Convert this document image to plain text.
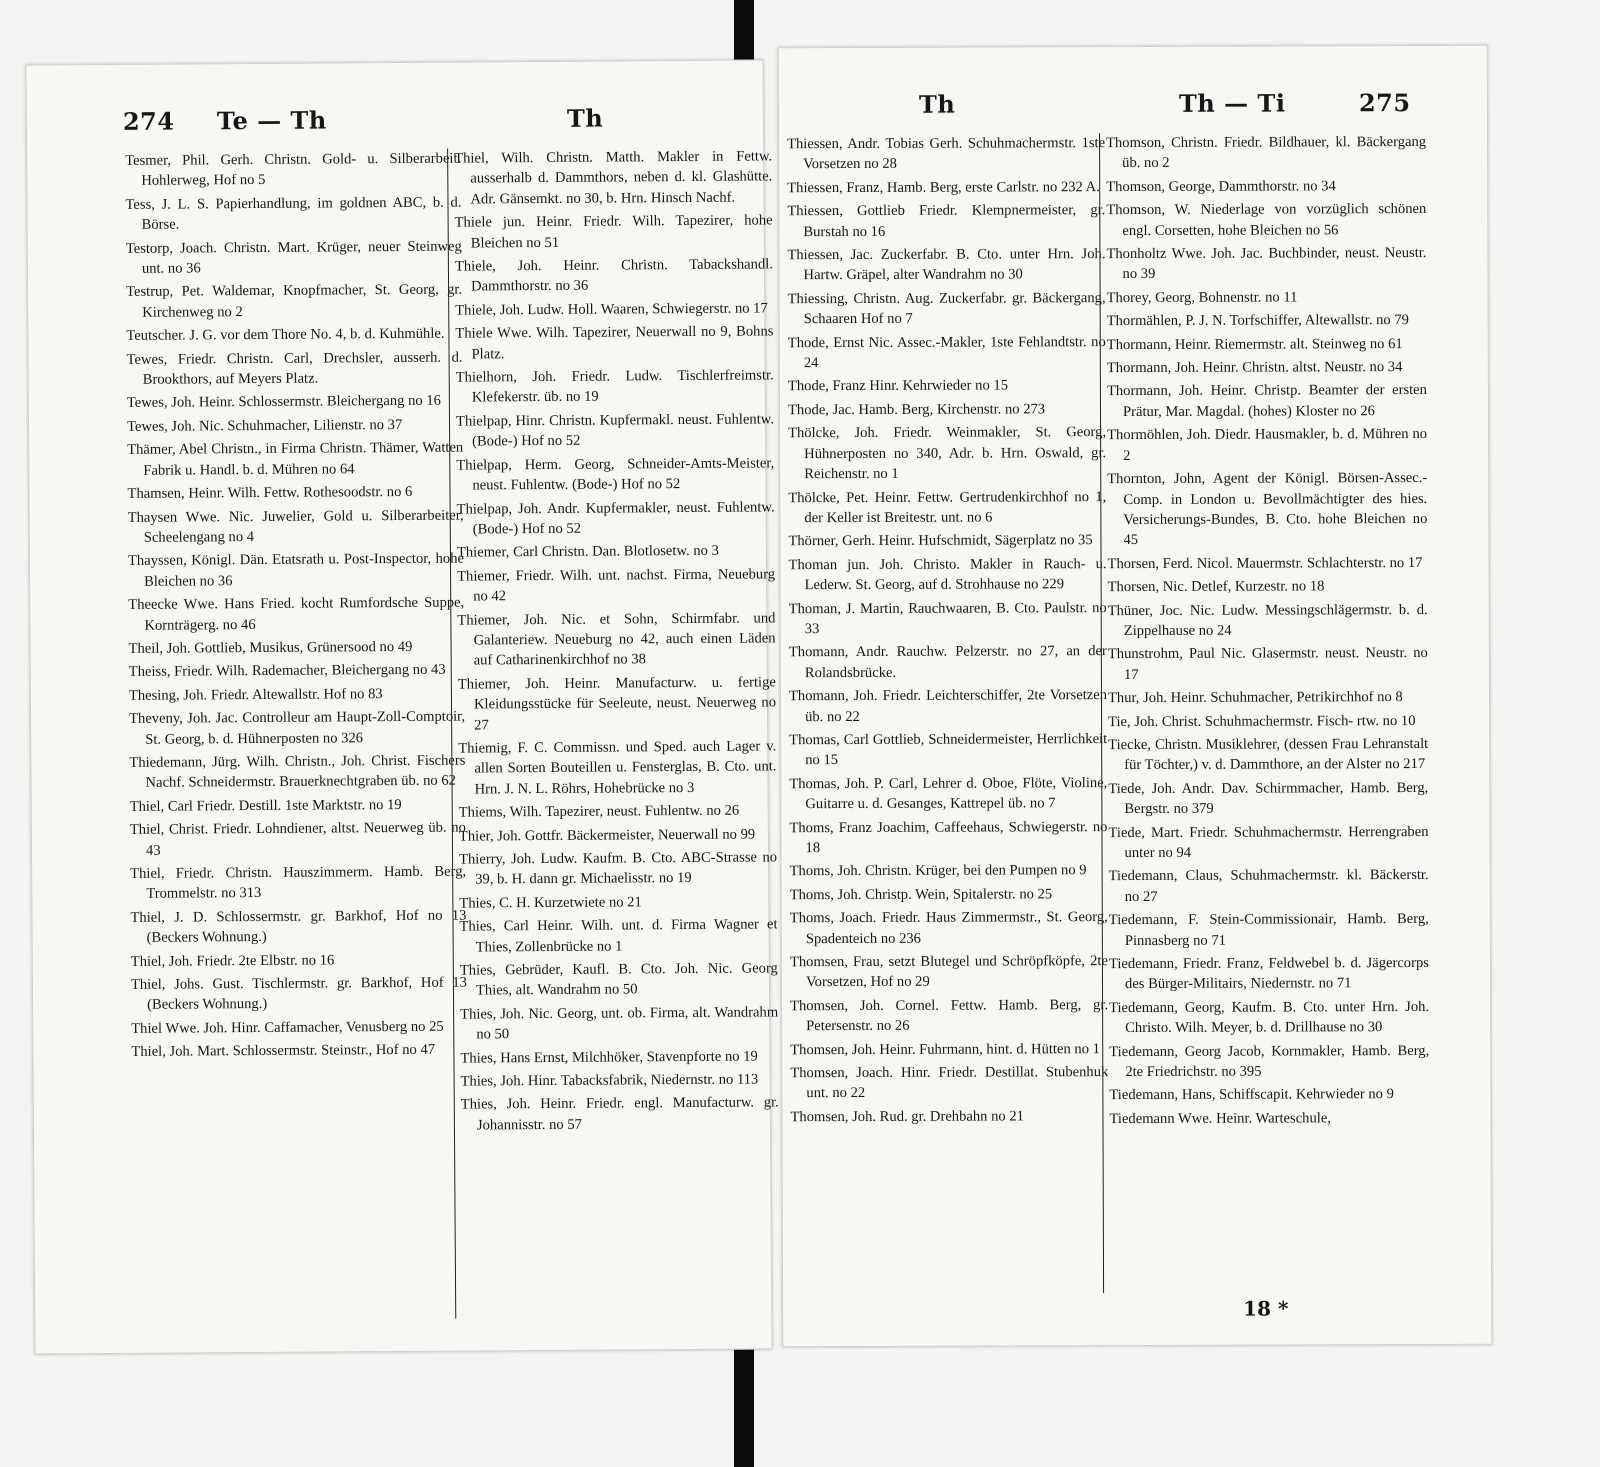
274 Te — Th	Th
Tesmer, Phil. Gerh. Christn. Gold- u. Silberarbeit. Hohlerweg, Hof no 5
Tess, J. L. S. Papierhandlung, im goldnen ABC, b. d. Börse.
Testorp, Joach. Christn. Mart. Krüger, neuer Steinweg unt. no 36
Testrup, Pet. Waldemar, Knopfmacher, St. Georg, gr. Kirchenweg no 2
Teutscher. J. G. vor dem Thore No. 4, b. d. Kuhmühle.
Tewes, Friedr. Christn. Carl, Drechsler, ausserh. d. Brookthors, auf Meyers Platz.
Tewes, Joh. Heinr. Schlossermstr. Bleichergang no 16
Tewes, Joh. Nic. Schuhmacher, Lilienstr. no 37
Thämer, Abel Christn., in Firma Christn. Thämer, Watten Fabrik u. Handl. b. d. Mühren no 64
Thamsen, Heinr. Wilh. Fettw. Rothesoodstr. no 6
Thaysen Wwe. Nic. Juwelier, Gold u. Silberarbeiter, Scheelengang no 4
Thayssen, Königl. Dän. Etatsrath u. Post-Inspector, hohe Bleichen no 36
Theecke Wwe. Hans Fried. kocht Rumfordsche Suppe, Kornträgerg. no 46
Theil, Joh. Gottlieb, Musikus, Grünersood no 49
Theiss, Friedr. Wilh. Rademacher, Bleichergang no 43
Thesing, Joh. Friedr. Altewallstr. Hof no 83
Theveny, Joh. Jac. Controlleur am Haupt-Zoll-Comptoir, St. Georg, b. d. Hühnerposten no 326
Thiedemann, Jürg. Wilh. Christn., Joh. Christ. Fischers Nachf. Schneidermstr. Brauerknechtgraben üb. no 62
Thiel, Carl Friedr. Destill. 1ste Marktstr. no 19
Thiel, Christ. Friedr. Lohndiener, altst. Neuerweg üb. no 43
Thiel, Friedr. Christn. Hauszimmerm. Hamb. Berg, Trommelstr. no 313
Thiel, J. D. Schlossermstr. gr. Barkhof, Hof no 13 (Beckers Wohnung.)
Thiel, Joh. Friedr. 2te Elbstr. no 16
Thiel, Johs. Gust. Tischlermstr. gr. Barkhof, Hof 13 (Beckers Wohnung.)
Thiel Wwe. Joh. Hinr. Caffamacher, Venusberg no 25
Thiel, Joh. Mart. Schlossermstr. Steinstr., Hof no 47
Thiel, Wilh. Christn. Matth. Makler in Fettw. ausserhalb d. Dammthors, neben d. kl. Glashütte. Adr. Gänsemkt. no 30, b. Hrn. Hinsch Nachf.
Thiele jun. Heinr. Friedr. Wilh. Tapezirer, hohe Bleichen no 51
Thiele, Joh. Heinr. Christn. Tabackshandl. Dammthorstr. no 36
Thiele, Joh. Ludw. Holl. Waaren, Schwiegerstr. no 17
Thiele Wwe. Wilh. Tapezirer, Neuerwall no 9, Bohns Platz.
Thielhorn, Joh. Friedr. Ludw. Tischlerfreimstr. Klefekerstr. üb. no 19
Thielpap, Hinr. Christn. Kupfermakl. neust. Fuhlentw. (Bode-) Hof no 52
Thielpap, Herm. Georg, Schneider-Amts-Meister, neust. Fuhlentw. (Bode-) Hof no 52
Thielpap, Joh. Andr. Kupfermakler, neust. Fuhlentw. (Bode-) Hof no 52
Thiemer, Carl Christn. Dan. Blotlosetw. no 3
Thiemer, Friedr. Wilh. unt. nachst. Firma, Neueburg no 42
Thiemer, Joh. Nic. et Sohn, Schirmfabr. und Galanteriew. Neueburg no 42, auch einen Läden auf Catharinenkirchhof no 38
Thiemer, Joh. Heinr. Manufacturw. u. fertige Kleidungsstücke für Seeleute, neust. Neuerweg no 27
Thiemig, F. C. Commissn. und Sped. auch Lager v. allen Sorten Bouteillen u. Fensterglas, B. Cto. unt. Hrn. J. N. L. Röhrs, Hohebrücke no 3
Thiems, Wilh. Tapezirer, neust. Fuhlentw. no 26
Thier, Joh. Gottfr. Bäckermeister, Neuerwall no 99
Thierry, Joh. Ludw. Kaufm. B. Cto. ABC-Strasse no 39, b. H. dann gr. Michaelisstr. no 19
Thies, C. H. Kurzetwiete no 21
Thies, Carl Heinr. Wilh. unt. d. Firma Wagner et Thies, Zollenbrücke no 1
Thies, Gebrüder, Kaufl. B. Cto. Joh. Nic. Georg Thies, alt. Wandrahm no 50
Thies, Joh. Nic. Georg, unt. ob. Firma, alt. Wandrahm no 50
Thies, Hans Ernst, Milchhöker, Stavenpforte no 19
Thies, Joh. Hinr. Tabacksfabrik, Niedernstr. no 113
Thies, Joh. Heinr. Friedr. engl. Manufacturw. gr. Johannisstr. no 57
Th	Th — Ti	275
Thiessen, Andr. Tobias Gerh. Schuhmachermstr. 1ste Vorsetzen no 28
Thiessen, Franz, Hamb. Berg, erste Carlstr. no 232 A.
Thiessen, Gottlieb Friedr. Klempnermeister, gr. Burstah no 16
Thiessen, Jac. Zuckerfabr. B. Cto. unter Hrn. Joh. Hartw. Gräpel, alter Wandrahm no 30
Thiessing, Christn. Aug. Zuckerfabr. gr. Bäckergang, Schaaren Hof no 7
Thode, Ernst Nic. Assec.-Makler, 1ste Fehlandtstr. no 24
Thode, Franz Hinr. Kehrwieder no 15
Thode, Jac. Hamb. Berg, Kirchenstr. no 273
Thölcke, Joh. Friedr. Weinmakler, St. Georg, Hühnerposten no 340, Adr. b. Hrn. Oswald, gr. Reichenstr. no 1
Thölcke, Pet. Heinr. Fettw. Gertrudenkirchhof no 1, der Keller ist Breitestr. unt. no 6
Thörner, Gerh. Heinr. Hufschmidt, Sägerplatz no 35
Thoman jun. Joh. Christo. Makler in Rauch- u. Lederw. St. Georg, auf d. Strohhause no 229
Thoman, J. Martin, Rauchwaaren, B. Cto. Paulstr. no 33
Thomann, Andr. Rauchw. Pelzerstr. no 27, an der Rolandsbrücke.
Thomann, Joh. Friedr. Leichterschiffer, 2te Vorsetzen üb. no 22
Thomas, Carl Gottlieb, Schneidermeister, Herrlichkeit no 15
Thomas, Joh. P. Carl, Lehrer d. Oboe, Flöte, Violine, Guitarre u. d. Gesanges, Kattrepel üb. no 7
Thoms, Franz Joachim, Caffeehaus, Schwiegerstr. no 18
Thoms, Joh. Christn. Krüger, bei den Pumpen no 9
Thoms, Joh. Christp. Wein, Spitalerstr. no 25
Thoms, Joach. Friedr. Haus Zimmermstr., St. Georg, Spadenteich no 236
Thomsen, Frau, setzt Blutegel und Schröpfköpfe, 2te Vorsetzen, Hof no 29
Thomsen, Joh. Cornel. Fettw. Hamb. Berg, gr. Petersenstr. no 26
Thomsen, Joh. Heinr. Fuhrmann, hint. d. Hütten no 1
Thomsen, Joach. Hinr. Friedr. Destillat. Stubenhuk unt. no 22
Thomsen, Joh. Rud. gr. Drehbahn no 21
Thomson, Christn. Friedr. Bildhauer, kl. Bäckergang üb. no 2
Thomson, George, Dammthorstr. no 34
Thomson, W. Niederlage von vorzüglich schönen engl. Corsetten, hohe Bleichen no 56
Thonholtz Wwe. Joh. Jac. Buchbinder, neust. Neustr. no 39
Thorey, Georg, Bohnenstr. no 11
Thormählen, P. J. N. Torfschiffer, Altewallstr. no 79
Thormann, Heinr. Riemermstr. alt. Steinweg no 61
Thormann, Joh. Heinr. Christn. altst. Neustr. no 34
Thormann, Joh. Heinr. Christp. Beamter der ersten Prätur, Mar. Magdal. (hohes) Kloster no 26
Thormöhlen, Joh. Diedr. Hausmakler, b. d. Mühren no 2
Thornton, John, Agent der Königl. Börsen-Assec.-Comp. in London u. Bevollmächtigter des hies. Versicherungs-Bundes, B. Cto. hohe Bleichen no 45
Thorsen, Ferd. Nicol. Mauermstr. Schlachterstr. no 17
Thorsen, Nic. Detlef, Kurzestr. no 18
Thüner, Joc. Nic. Ludw. Messingschlägermstr. b. d. Zippelhause no 24
Thunstrohm, Paul Nic. Glasermstr. neust. Neustr. no 17
Thur, Joh. Heinr. Schuhmacher, Petrikirchhof no 8
Tie, Joh. Christ. Schuhmachermstr. Fisch- rtw. no 10
Tiecke, Christn. Musiklehrer, (dessen Frau Lehranstalt für Töchter,) v. d. Dammthore, an der Alster no 217
Tiede, Joh. Andr. Dav. Schirmmacher, Hamb. Berg, Bergstr. no 379
Tiede, Mart. Friedr. Schuhmachermstr. Herrengraben unter no 94
Tiedemann, Claus, Schuhmachermstr. kl. Bäckerstr. no 27
Tiedemann, F. Stein-Commissionair, Hamb. Berg, Pinnasberg no 71
Tiedemann, Friedr. Franz, Feldwebel b. d. Jägercorps des Bürger-Militairs, Niedernstr. no 71
Tiedemann, Georg, Kaufm. B. Cto. unter Hrn. Joh. Christo. Wilh. Meyer, b. d. Drillhause no 30
Tiedemann, Georg Jacob, Kornmakler, Hamb. Berg, 2te Friedrichstr. no 395
Tiedemann, Hans, Schiffscapit. Kehrwieder no 9
Tiedemann Wwe. Heinr. Warteschule,
18 *
